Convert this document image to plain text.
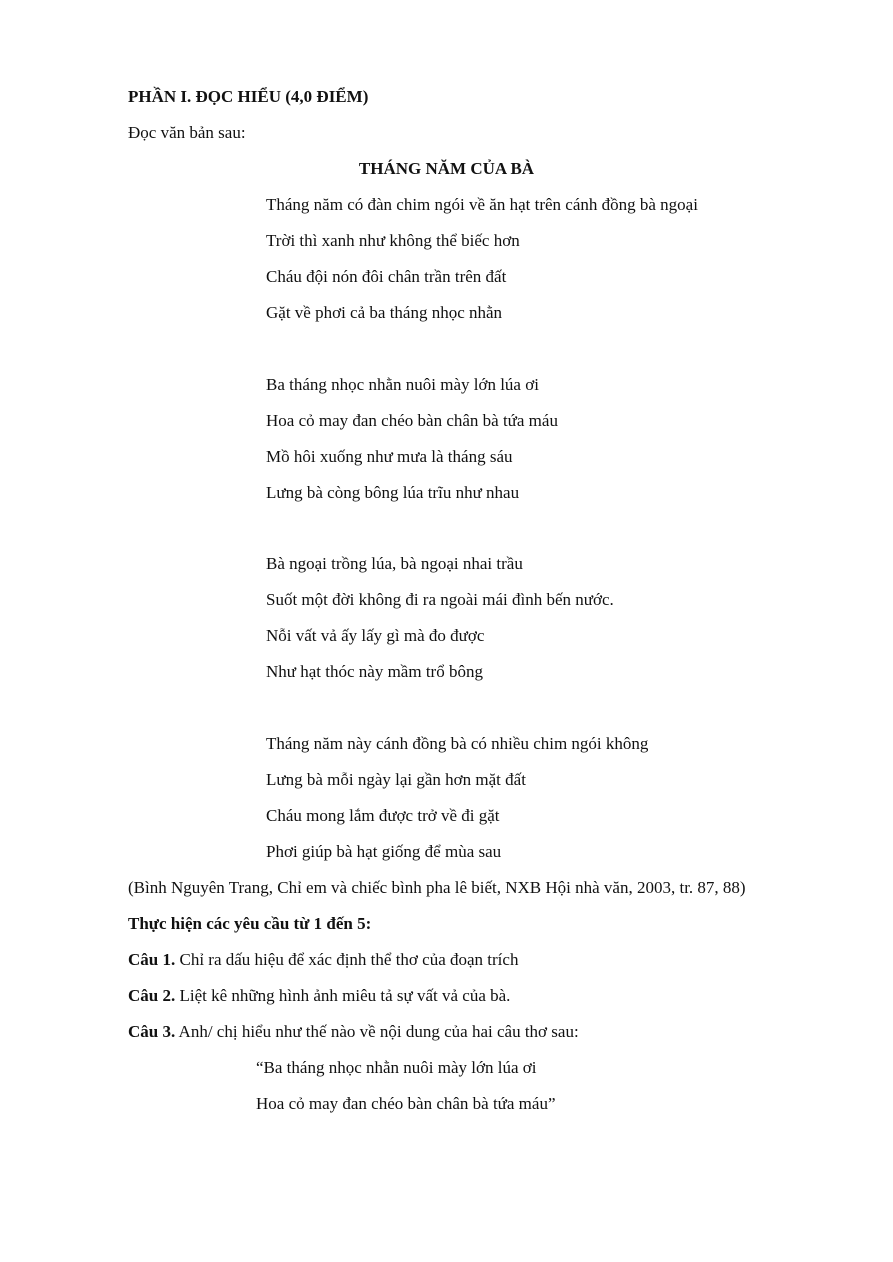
PHẦN I. ĐỌC HIỂU (4,0 ĐIỂM)
Đọc văn bản sau:
THÁNG NĂM CỦA BÀ
Tháng năm có đàn chim ngói về ăn hạt trên cánh đồng bà ngoại
Trời thì xanh như không thể biếc hơn
Cháu đội nón đôi chân trần trên đất
Gặt về phơi cả ba tháng nhọc nhằn
Ba tháng nhọc nhằn nuôi mày lớn lúa ơi
Hoa cỏ may đan chéo bàn chân bà tứa máu
Mồ hôi xuống như mưa là tháng sáu
Lưng bà còng bông lúa trĩu như nhau
Bà ngoại trồng lúa, bà ngoại nhai trầu
Suốt một đời không đi ra ngoài mái đình bến nước.
Nỗi vất vả ấy lấy gì mà đo được
Như hạt thóc này mầm trổ bông
Tháng năm này cánh đồng bà có nhiều chim ngói không
Lưng bà mỗi ngày lại gần hơn mặt đất
Cháu mong lắm được trở về đi gặt
Phơi giúp bà hạt giống để mùa sau
(Bình Nguyên Trang, Chỉ em và chiếc bình pha lê biết, NXB Hội nhà văn, 2003, tr. 87, 88)
Thực hiện các yêu cầu từ 1 đến 5:
Câu 1. Chỉ ra dấu hiệu để xác định thể thơ của đoạn trích
Câu 2. Liệt kê những hình ảnh miêu tả sự vất vả của bà.
Câu 3. Anh/ chị hiểu như thế nào về nội dung của hai câu thơ sau:
“Ba tháng nhọc nhằn nuôi mày lớn lúa ơi
Hoa cỏ may đan chéo bàn chân bà tứa máu”
